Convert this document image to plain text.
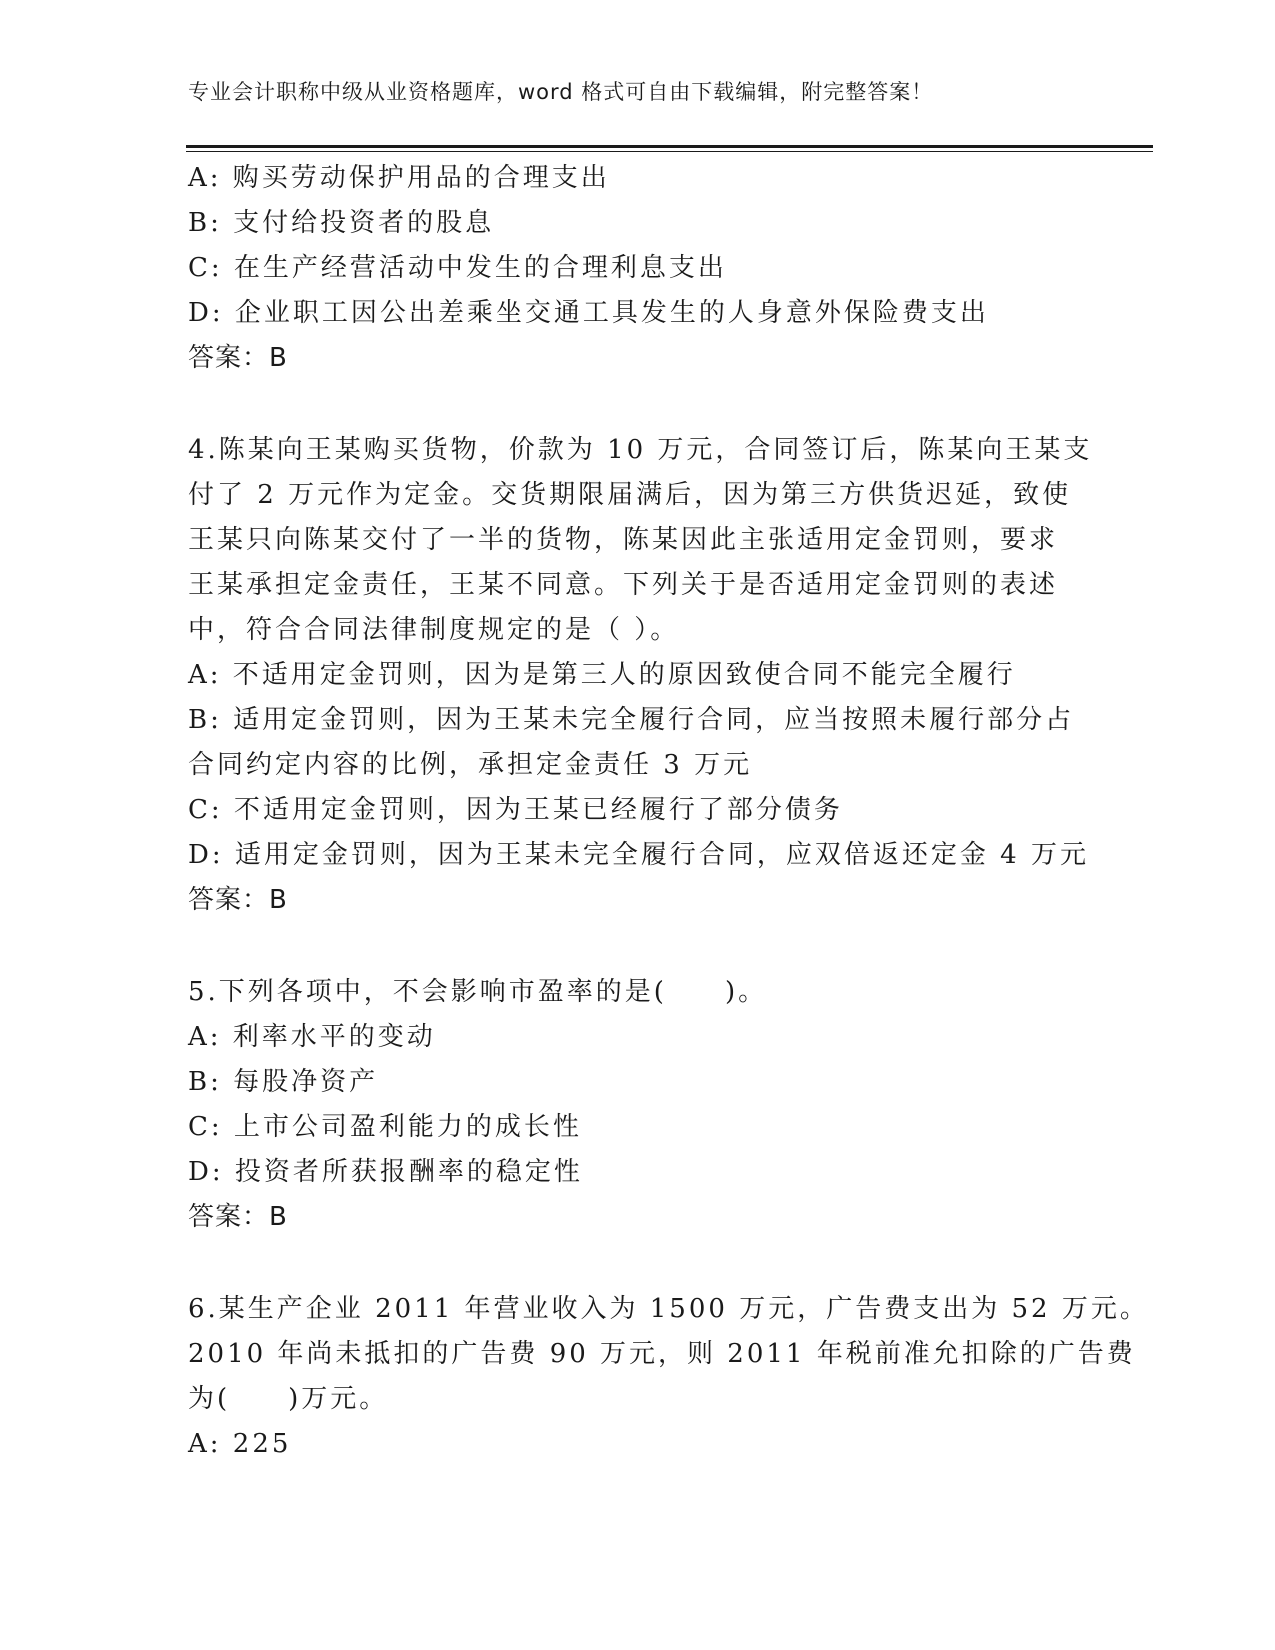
专业会计职称中级从业资格题库，word 格式可自由下载编辑，附完整答案！
A: 购买劳动保护用品的合理支出
B: 支付给投资者的股息
C: 在生产经营活动中发生的合理利息支出
D: 企业职工因公出差乘坐交通工具发生的人身意外保险费支出
答案：B
4.陈某向王某购买货物，价款为 10 万元，合同签订后，陈某向王某支
付了 2 万元作为定金。交货期限届满后，因为第三方供货迟延，致使
王某只向陈某交付了一半的货物，陈某因此主张适用定金罚则，要求
王某承担定金责任，王某不同意。下列关于是否适用定金罚则的表述
中，符合合同法律制度规定的是（ ）。
A: 不适用定金罚则，因为是第三人的原因致使合同不能完全履行
B: 适用定金罚则，因为王某未完全履行合同，应当按照未履行部分占
合同约定内容的比例，承担定金责任 3 万元
C: 不适用定金罚则，因为王某已经履行了部分债务
D: 适用定金罚则，因为王某未完全履行合同，应双倍返还定金 4 万元
答案：B
5.下列各项中，不会影响市盈率的是(　　)。
A: 利率水平的变动
B: 每股净资产
C: 上市公司盈利能力的成长性
D: 投资者所获报酬率的稳定性
答案：B
6.某生产企业 2011 年营业收入为 1500 万元，广告费支出为 52 万元。
2010 年尚未抵扣的广告费 90 万元，则 2011 年税前准允扣除的广告费
为(　　)万元。
A: 225
